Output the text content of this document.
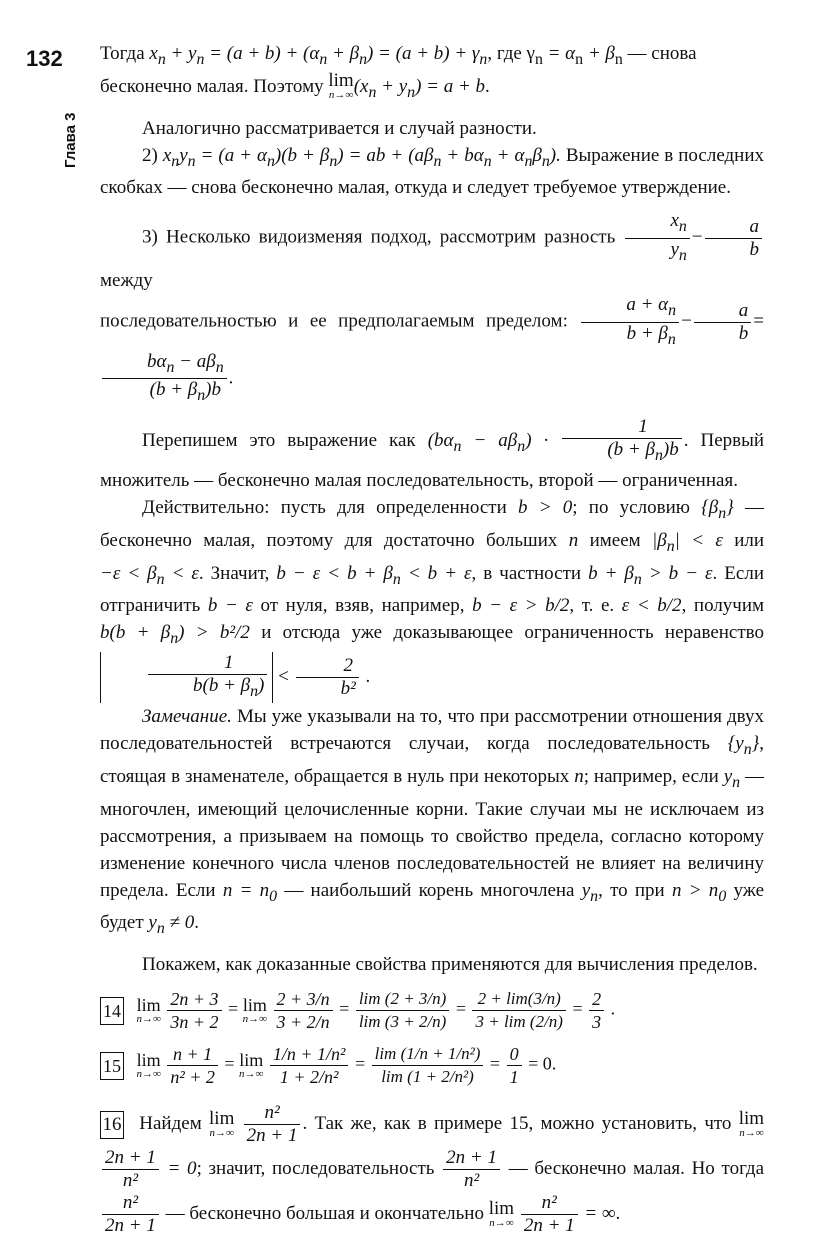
132
Глава 3

Тогда $x_n + y_n = (a + b) + (\alpha_n + \beta_n) = (a + b) + \gamma_n$, где $\gamma_n = \alpha_n + \beta_n$ — снова
бесконечно малая. Поэтому lim
n→∞ $(x_n + y_n) = a + b$.

Аналогично рассматривается и случай разности.

2) $x_ny_n = (a + \alpha_n)(b + \beta_n)$ = ab + $(a\beta_n + b\alpha_n + \alpha_n\beta_n)$. Выражение в последних скобках — снова бесконечно малая, откуда и следует требуемое утверждение.

3) Несколько видоизменяя подход, рассмотрим разность $\frac{x_n}{y_n} - \frac{a}{b}$
между
последовательностью и ее предполагаемым пределом: $\frac{a + \alpha_n}{b + \beta_n} - \frac{a}{b}$ =
$\frac{b\alpha_n - a\beta_n}{(b + \beta_n)b}$ .

Перепишем это выражение как $(b\alpha_n - a\beta_n) \cdot \frac{1}{(b + \beta_n)b}$ . Первый множитель — бесконечно малая последовательность, второй — ограниченная.

Действительно: пусть для определенности b > 0; по условию $\{\beta_n\}$ — бесконечно малая, поэтому для достаточно больших n имеем $|\beta_n| < \varepsilon$ или $-\varepsilon < \beta_n < \varepsilon$. Значит, $b - \varepsilon < b + \beta_n < b + \varepsilon$, в частности $b + \beta_n > b - \varepsilon$. Если отграничить b − ε от нуля, взяв, например, b − ε > b/2, т. е. ε < b/2, получим $b(b + \beta_n) > b^2/2$ и отсюда уже доказывающее ограниченность неравенство
$\frac{1}{b(b + \beta_n)} < \frac{2}{\text{b²}}$ .

Замечание. Мы уже указывали на то, что при рассмотрении отношения двух последовательностей встречаются случаи, когда последовательность $\{y_n\}$, стоящая в знаменателе, обращается в нуль при некоторых n; например, если $y_n$ — многочлен, имеющий целочисленные корни. Такие случаи мы не исключаем из рассмотрения, а призываем на помощь то свойство предела, согласно которому изменение конечного числа членов последовательностей не влияет на величину предела. Если $n = n_0$ — наибольший корень многочлена $y_n$, то при $n > n_0$ уже будет $y_n \ne 0$.

Покажем, как доказанные свойства применяются для вычисления пределов.

14 lim
n→∞
$\frac{2n + 3}{3n + 2} = \lim$
n→∞
$\frac{2 + 3/n}{3 + 2/n} = \frac{\lim (2 + 3/n)}{\lim (3 + 2/n)} = \frac{2 + \lim(3/n)}{3 + \lim (2/n)} = \frac{2}{3}$ .
15 lim
n→∞
$\frac{n + 1}{\text{n² + 2}} = \lim$
n→∞
$\frac{\text{1/n + 1/n²}}{\text{1 + 2/n²}} = \frac{\text{lim (1/n + 1/n²)}}{\text{lim (1 + 2/n²)}} = \frac{0}{1} = 0$.

16 Найдем lim
n→∞
$\frac{\text{n²}}{2n + 1}$ . Так же, как в примере 15, можно установить, что lim
n→∞

$\frac{2n + 1}{\text{n²}} = 0$; значит, последовательность $\frac{2n + 1}{\text{n²}}$ — бесконечно малая. Но тогда
$\frac{\text{n²}}{2n + 1}$ — бесконечно большая и окончательно lim
n→∞
$\frac{\text{n²}}{2n + 1}$ = ∞.
